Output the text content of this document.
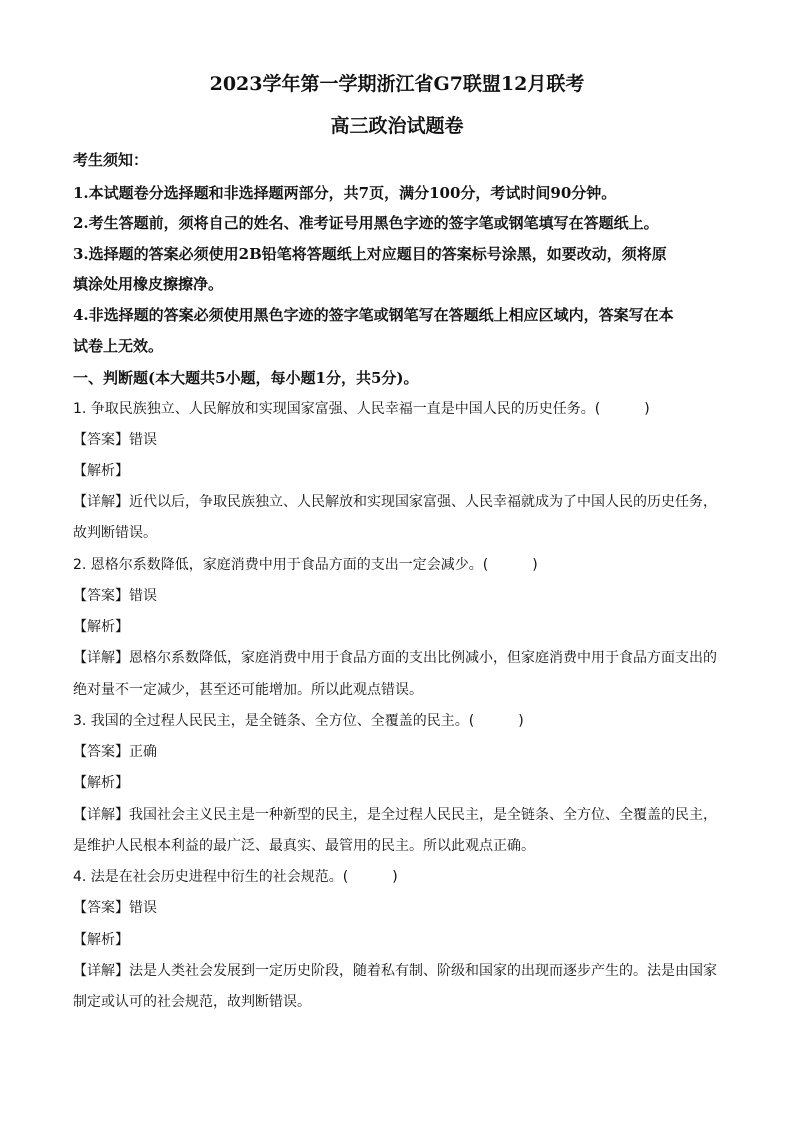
2023学年第一学期浙江省G7联盟12月联考
高三政治试题卷
考生须知：
1.本试题卷分选择题和非选择题两部分，共7页，满分100分，考试时间90分钟。
2.考生答题前，须将自己的姓名、准考证号用黑色字迹的签字笔或钢笔填写在答题纸上。
3.选择题的答案必须使用2B铅笔将答题纸上对应题目的答案标号涂黑，如要改动，须将原
填涂处用橡皮擦擦净。
4.非选择题的答案必须使用黑色字迹的签字笔或钢笔写在答题纸上相应区域内，答案写在本
试卷上无效。
一、判断题(本大题共5小题，每小题1分，共5分)。
1. 争取民族独立、人民解放和实现国家富强、人民幸福一直是中国人民的历史任务。(	)
【答案】错误
【解析】
【详解】近代以后，争取民族独立、人民解放和实现国家富强、人民幸福就成为了中国人民的历史任务，
故判断错误。
2. 恩格尔系数降低，家庭消费中用于食品方面的支出一定会减少。(	)
【答案】错误
【解析】
【详解】恩格尔系数降低，家庭消费中用于食品方面的支出比例减小，但家庭消费中用于食品方面支出的
绝对量不一定减少，甚至还可能增加。所以此观点错误。
3. 我国的全过程人民民主，是全链条、全方位、全覆盖的民主。(	)
【答案】正确
【解析】
【详解】我国社会主义民主是一种新型的民主，是全过程人民民主，是全链条、全方位、全覆盖的民主，
是维护人民根本利益的最广泛、最真实、最管用的民主。所以此观点正确。
4. 法是在社会历史进程中衍生的社会规范。(	)
【答案】错误
【解析】
【详解】法是人类社会发展到一定历史阶段，随着私有制、阶级和国家的出现而逐步产生的。法是由国家
制定或认可的社会规范，故判断错误。
